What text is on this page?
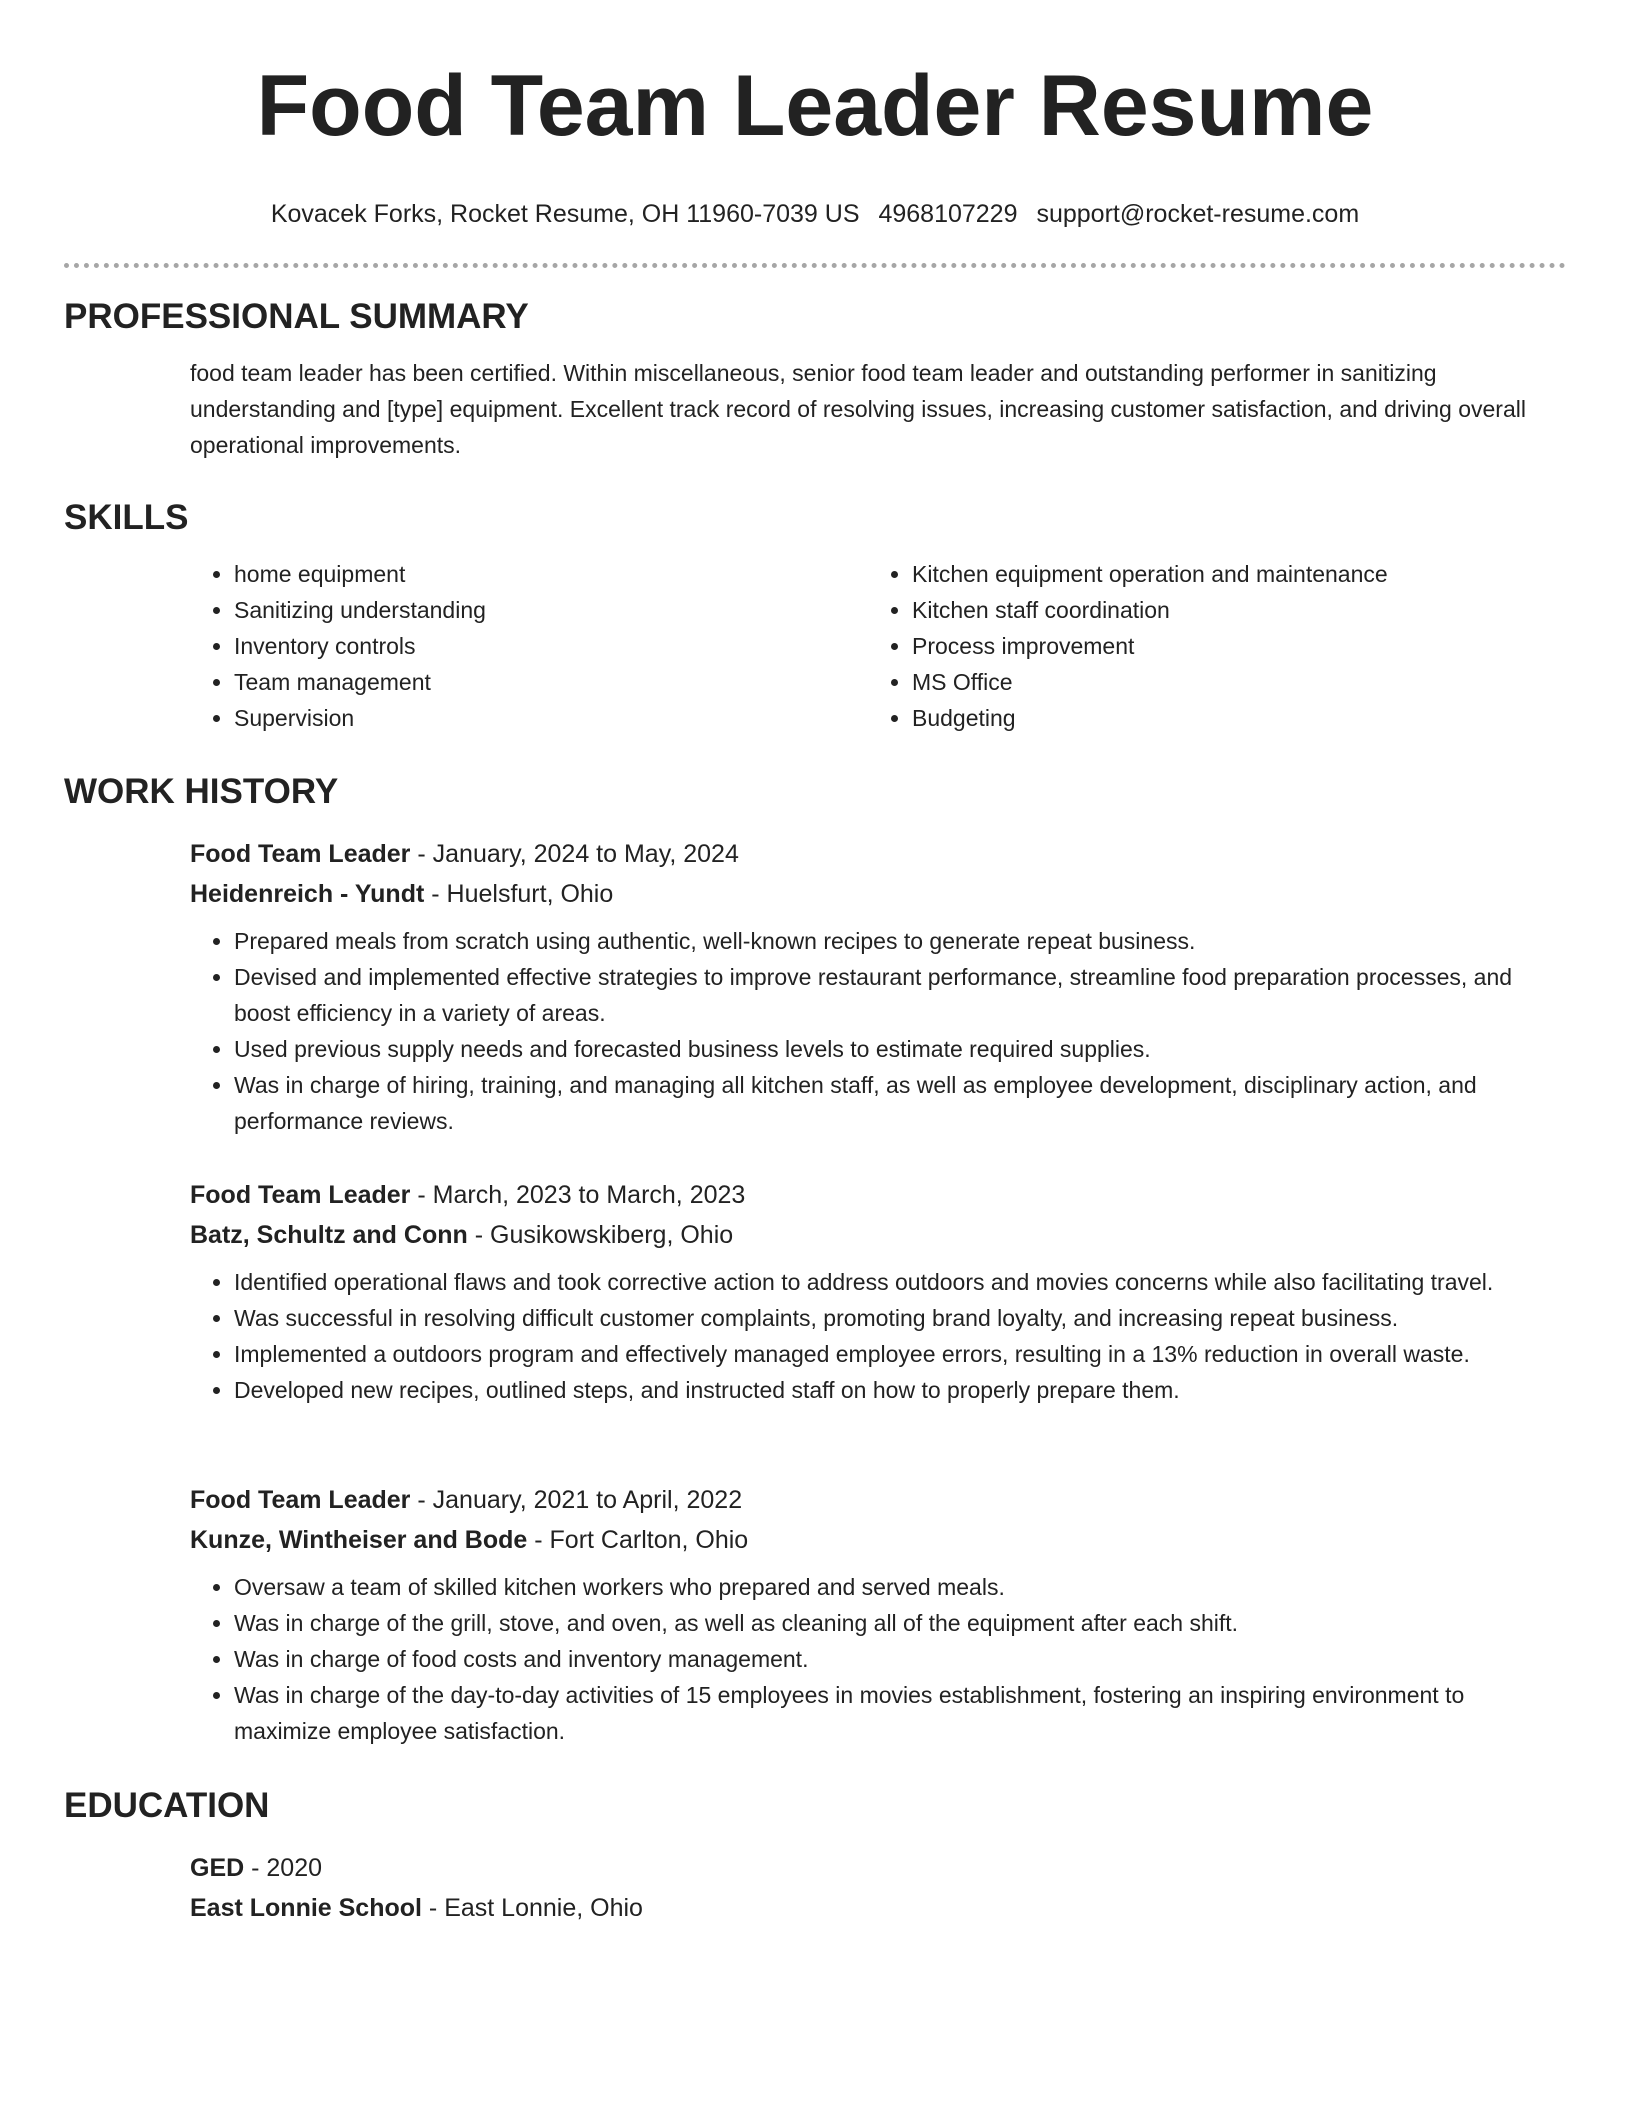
Food Team Leader Resume
Kovacek Forks, Rocket Resume, OH 11960-7039 US 4968107229 support@rocket-resume.com
PROFESSIONAL SUMMARY

food team leader has been certified. Within miscellaneous, senior food team leader and outstanding performer in sanitizing understanding and [type] equipment. Excellent track record of resolving issues, increasing customer satisfaction, and driving overall operational improvements.

SKILLS
• home equipment
• Sanitizing understanding
• Inventory controls
• Team management
• Supervision
• Kitchen equipment operation and maintenance
• Kitchen staff coordination
• Process improvement
• MS Office
• Budgeting
WORK HISTORY

Food Team Leader - January, 2024 to May, 2024

Heidenreich - Yundt - Huelsfurt, Ohio

• Prepared meals from scratch using authentic, well-known recipes to generate repeat business.
• Devised and implemented effective strategies to improve restaurant performance, streamline food preparation processes, and boost efficiency in a variety of areas.
• Used previous supply needs and forecasted business levels to estimate required supplies.
• Was in charge of hiring, training, and managing all kitchen staff, as well as employee development, disciplinary action, and performance reviews.

Food Team Leader - March, 2023 to March, 2023

Batz, Schultz and Conn - Gusikowskiberg, Ohio

• Identified operational flaws and took corrective action to address outdoors and movies concerns while also facilitating travel.
• Was successful in resolving difficult customer complaints, promoting brand loyalty, and increasing repeat business.
• Implemented a outdoors program and effectively managed employee errors, resulting in a 13% reduction in overall waste.
• Developed new recipes, outlined steps, and instructed staff on how to properly prepare them.

Food Team Leader - January, 2021 to April, 2022

Kunze, Wintheiser and Bode - Fort Carlton, Ohio

• Oversaw a team of skilled kitchen workers who prepared and served meals.
• Was in charge of the grill, stove, and oven, as well as cleaning all of the equipment after each shift.
• Was in charge of food costs and inventory management.
• Was in charge of the day-to-day activities of 15 employees in movies establishment, fostering an inspiring environment to maximize employee satisfaction.
EDUCATION

GED - 2020

East Lonnie School - East Lonnie, Ohio
